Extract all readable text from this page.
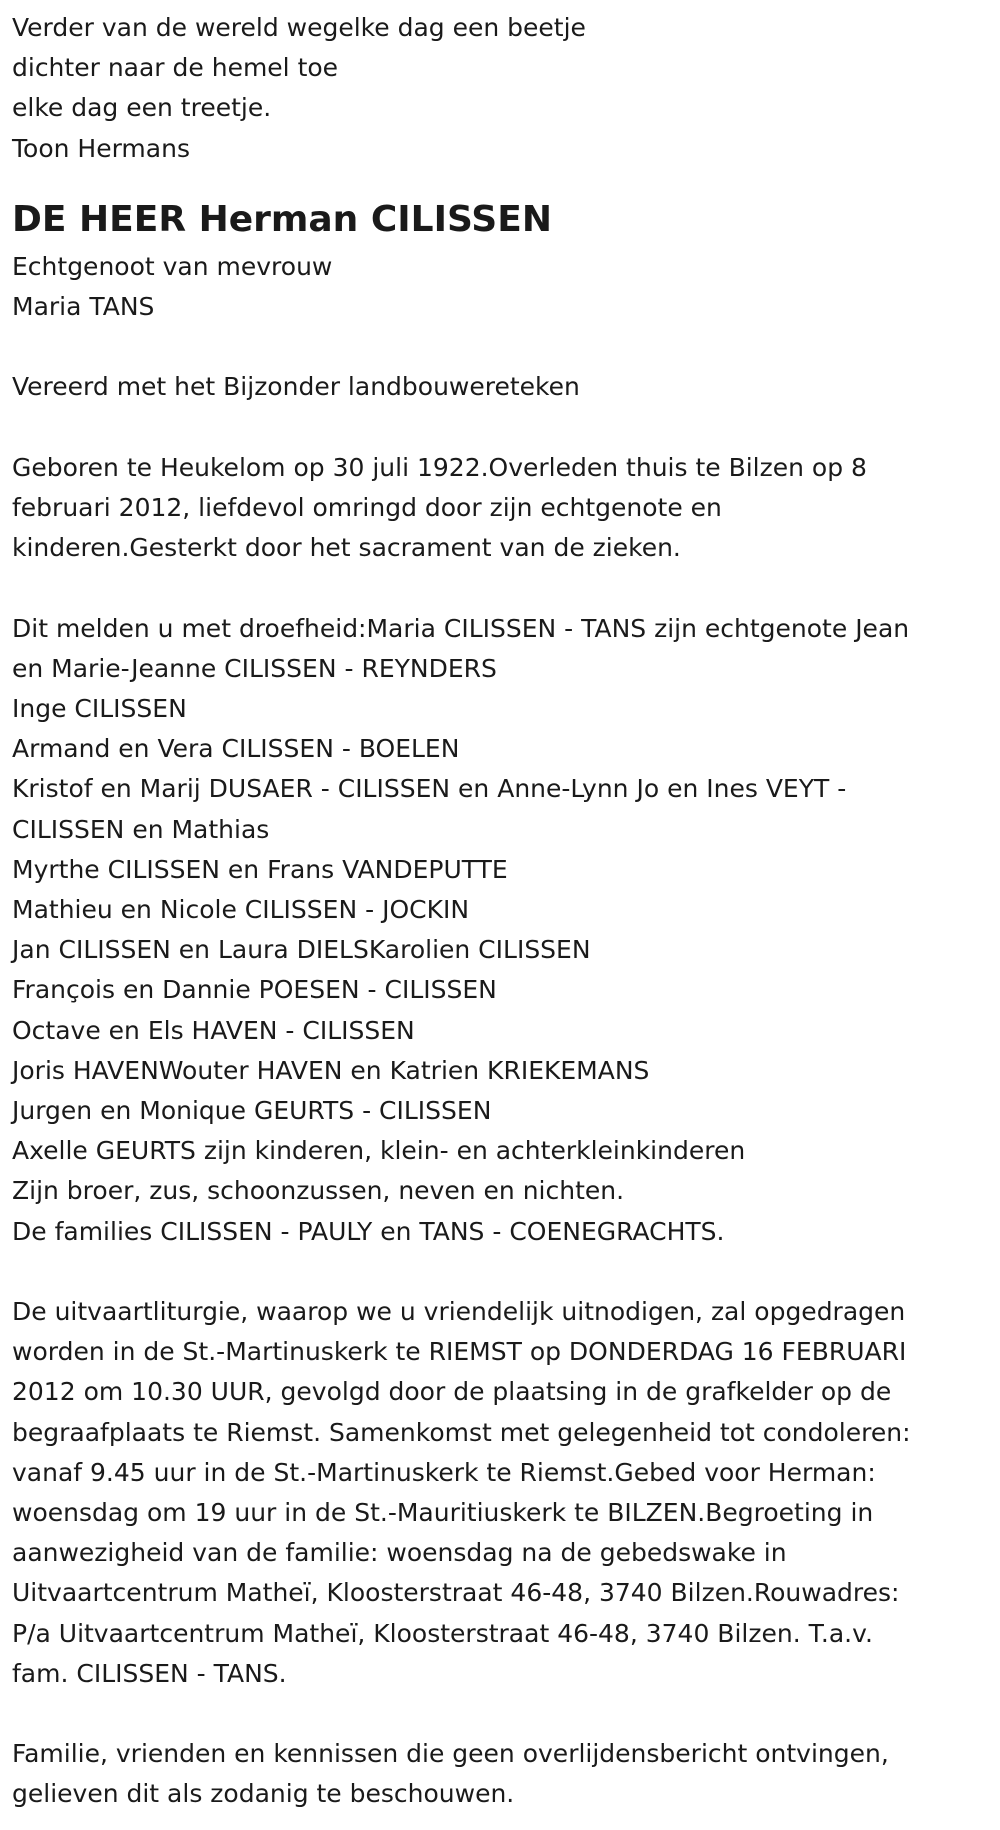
Verder van de wereld wegelke dag een beetje
dichter naar de hemel toe
elke dag een treetje.
Toon Hermans
DE HEER Herman CILISSEN
Echtgenoot van mevrouw
Maria TANS
Vereerd met het Bijzonder landbouwereteken
Geboren te Heukelom op 30 juli 1922.Overleden thuis te Bilzen op 8
februari 2012, liefdevol omringd door zijn echtgenote en
kinderen.Gesterkt door het sacrament van de zieken.
Dit melden u met droefheid:Maria CILISSEN - TANS zijn echtgenote Jean
en Marie-Jeanne CILISSEN - REYNDERS
Inge CILISSEN
Armand en Vera CILISSEN - BOELEN
Kristof en Marij DUSAER - CILISSEN en Anne-Lynn Jo en Ines VEYT -
CILISSEN en Mathias
Myrthe CILISSEN en Frans VANDEPUTTE
Mathieu en Nicole CILISSEN - JOCKIN
Jan CILISSEN en Laura DIELSKarolien CILISSEN
François en Dannie POESEN - CILISSEN
Octave en Els HAVEN - CILISSEN
Joris HAVENWouter HAVEN en Katrien KRIEKEMANS
Jurgen en Monique GEURTS - CILISSEN
Axelle GEURTS zijn kinderen, klein- en achterkleinkinderen
Zijn broer, zus, schoonzussen, neven en nichten.
De families CILISSEN - PAULY en TANS - COENEGRACHTS.
De uitvaartliturgie, waarop we u vriendelijk uitnodigen, zal opgedragen
worden in de St.-Martinuskerk te RIEMST op DONDERDAG 16 FEBRUARI
2012 om 10.30 UUR, gevolgd door de plaatsing in de grafkelder op de
begraafplaats te Riemst. Samenkomst met gelegenheid tot condoleren:
vanaf 9.45 uur in de St.-Martinuskerk te Riemst.Gebed voor Herman:
woensdag om 19 uur in de St.-Mauritiuskerk te BILZEN.Begroeting in
aanwezigheid van de familie: woensdag na de gebedswake in
Uitvaartcentrum Matheï, Kloosterstraat 46-48, 3740 Bilzen.Rouwadres:
P/a Uitvaartcentrum Matheï, Kloosterstraat 46-48, 3740 Bilzen. T.a.v.
fam. CILISSEN - TANS.
Familie, vrienden en kennissen die geen overlijdensbericht ontvingen,
gelieven dit als zodanig te beschouwen.
